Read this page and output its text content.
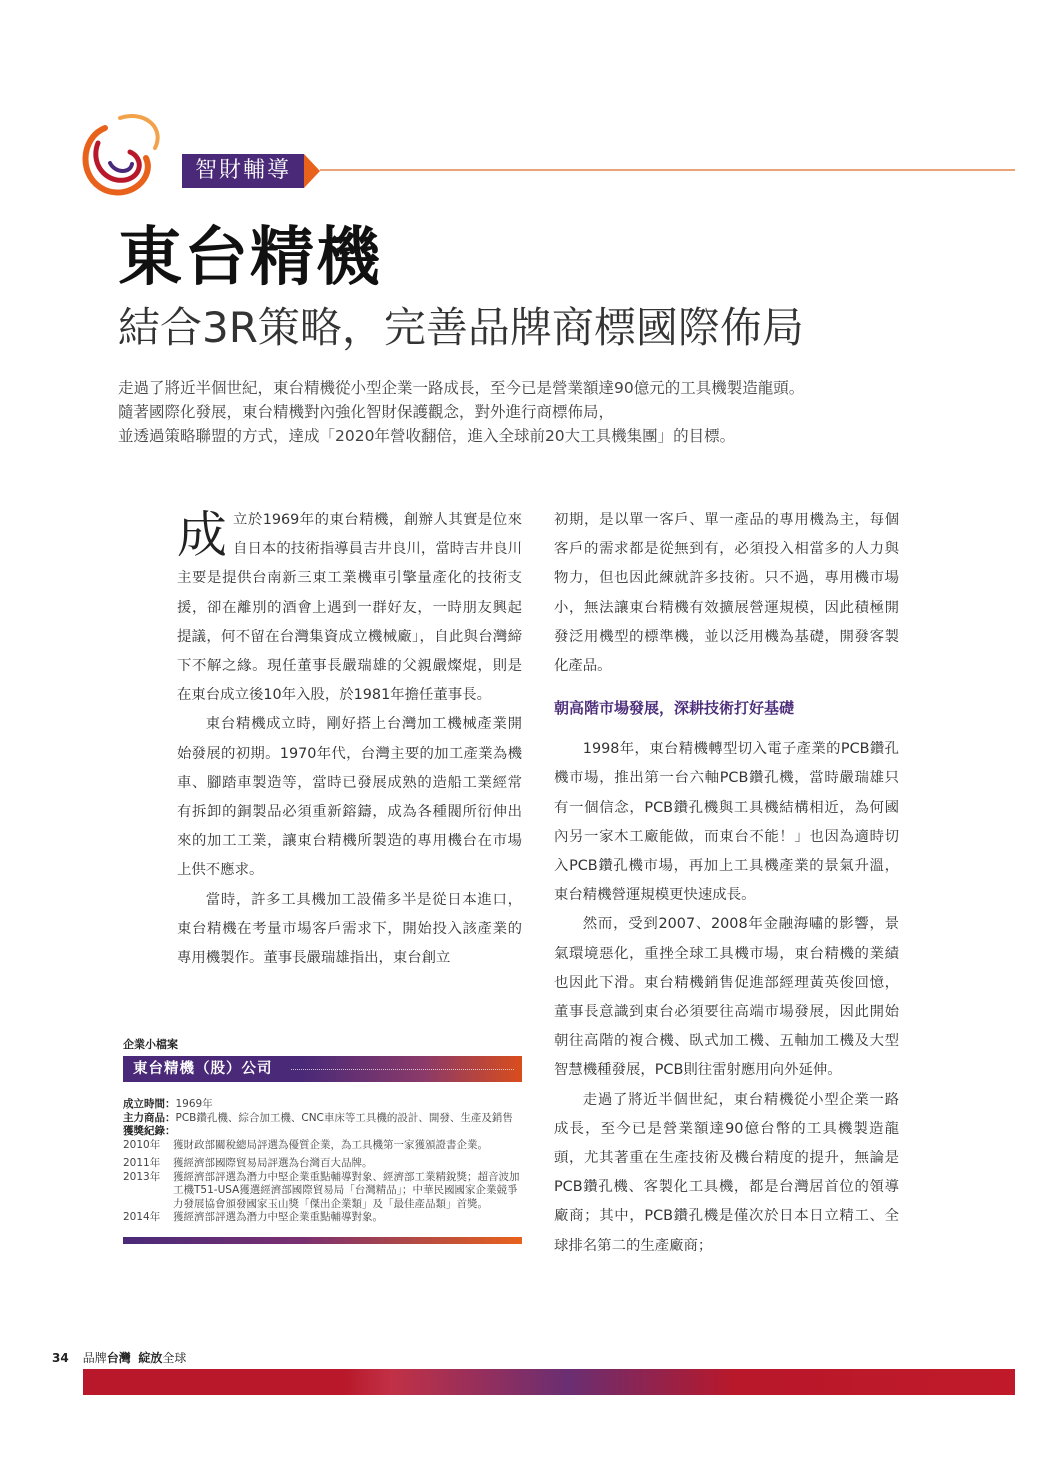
智財輔導
東台精機
結合3R策略，完善品牌商標國際佈局
走過了將近半個世紀，東台精機從小型企業一路成長，至今已是營業額達90億元的工具機製造龍頭。
隨著國際化發展，東台精機對內強化智財保護觀念，對外進行商標佈局，
並透過策略聯盟的方式，達成「2020年營收翻倍，進入全球前20大工具機集團」的目標。

成立於1969年的東台精機，創辦人其實是位來自日本的技術指導員吉井良川，當時吉井良川主要是提供台南新三東工業機車引擎量產化的技術支援，卻在離別的酒會上遇到一群好友，一時朋友興起提議，何不留在台灣集資成立機械廠」，自此與台灣締下不解之緣。現任董事長嚴瑞雄的父親嚴燦焜，則是在東台成立後10年入股，於1981年擔任董事長。

東台精機成立時，剛好搭上台灣加工機械產業開始發展的初期。1970年代，台灣主要的加工產業為機車、腳踏車製造等，當時已發展成熟的造船工業經常有拆卸的銅製品必須重新鎔鑄，成為各種閥所衍伸出來的加工工業，讓東台精機所製造的專用機台在市場上供不應求。

當時，許多工具機加工設備多半是從日本進口，東台精機在考量市場客戶需求下，開始投入該產業的專用機製作。董事長嚴瑞雄指出，東台創立

初期，是以單一客戶、單一產品的專用機為主，每個客戶的需求都是從無到有，必須投入相當多的人力與物力，但也因此練就許多技術。只不過，專用機市場小，無法讓東台精機有效擴展營運規模，因此積極開發泛用機型的標準機，並以泛用機為基礎，開發客製化產品。

朝高階市場發展，深耕技術打好基礎

1998年，東台精機轉型切入電子產業的PCB鑽孔機市場，推出第一台六軸PCB鑽孔機，當時嚴瑞雄只有一個信念，PCB鑽孔機與工具機結構相近，為何國內另一家木工廠能做，而東台不能！」也因為適時切入PCB鑽孔機市場，再加上工具機產業的景氣升溫，東台精機營運規模更快速成長。

然而，受到2007、2008年金融海嘯的影響，景氣環境惡化，重挫全球工具機市場，東台精機的業績也因此下滑。東台精機銷售促進部經理黃英俊回憶，董事長意識到東台必須要往高端市場發展，因此開始朝往高階的複合機、臥式加工機、五軸加工機及大型智慧機種發展，PCB則往雷射應用向外延伸。

走過了將近半個世紀，東台精機從小型企業一路成長，至今已是營業額達90億台幣的工具機製造龍頭，尤其著重在生產技術及機台精度的提升，無論是PCB鑽孔機、客製化工具機，都是台灣居首位的領導廠商；其中，PCB鑽孔機是僅次於日本日立精工、全球排名第二的生產廠商；

企業小檔案
東台精機（股）公司
成立時間：1969年
主力商品：PCB鑽孔機、綜合加工機、CNC車床等工具機的設計、開發、生產及銷售
獲獎紀錄：
2010年	獲財政部關稅總局評選為優質企業，為工具機第一家獲頒證書企業。
2011年	獲經濟部國際貿易局評選為台灣百大品牌。
2013年	獲經濟部評選為潛力中堅企業重點輔導對象、經濟部工業精銳獎；超音波加工機T51-USA獲選經濟部國際貿易局「台灣精品」；中華民國國家企業競爭力發展協會頒發國家玉山獎「傑出企業類」及「最佳產品類」首獎。
2014年	獲經濟部評選為潛力中堅企業重點輔導對象。
34 品牌台灣 綻放全球
